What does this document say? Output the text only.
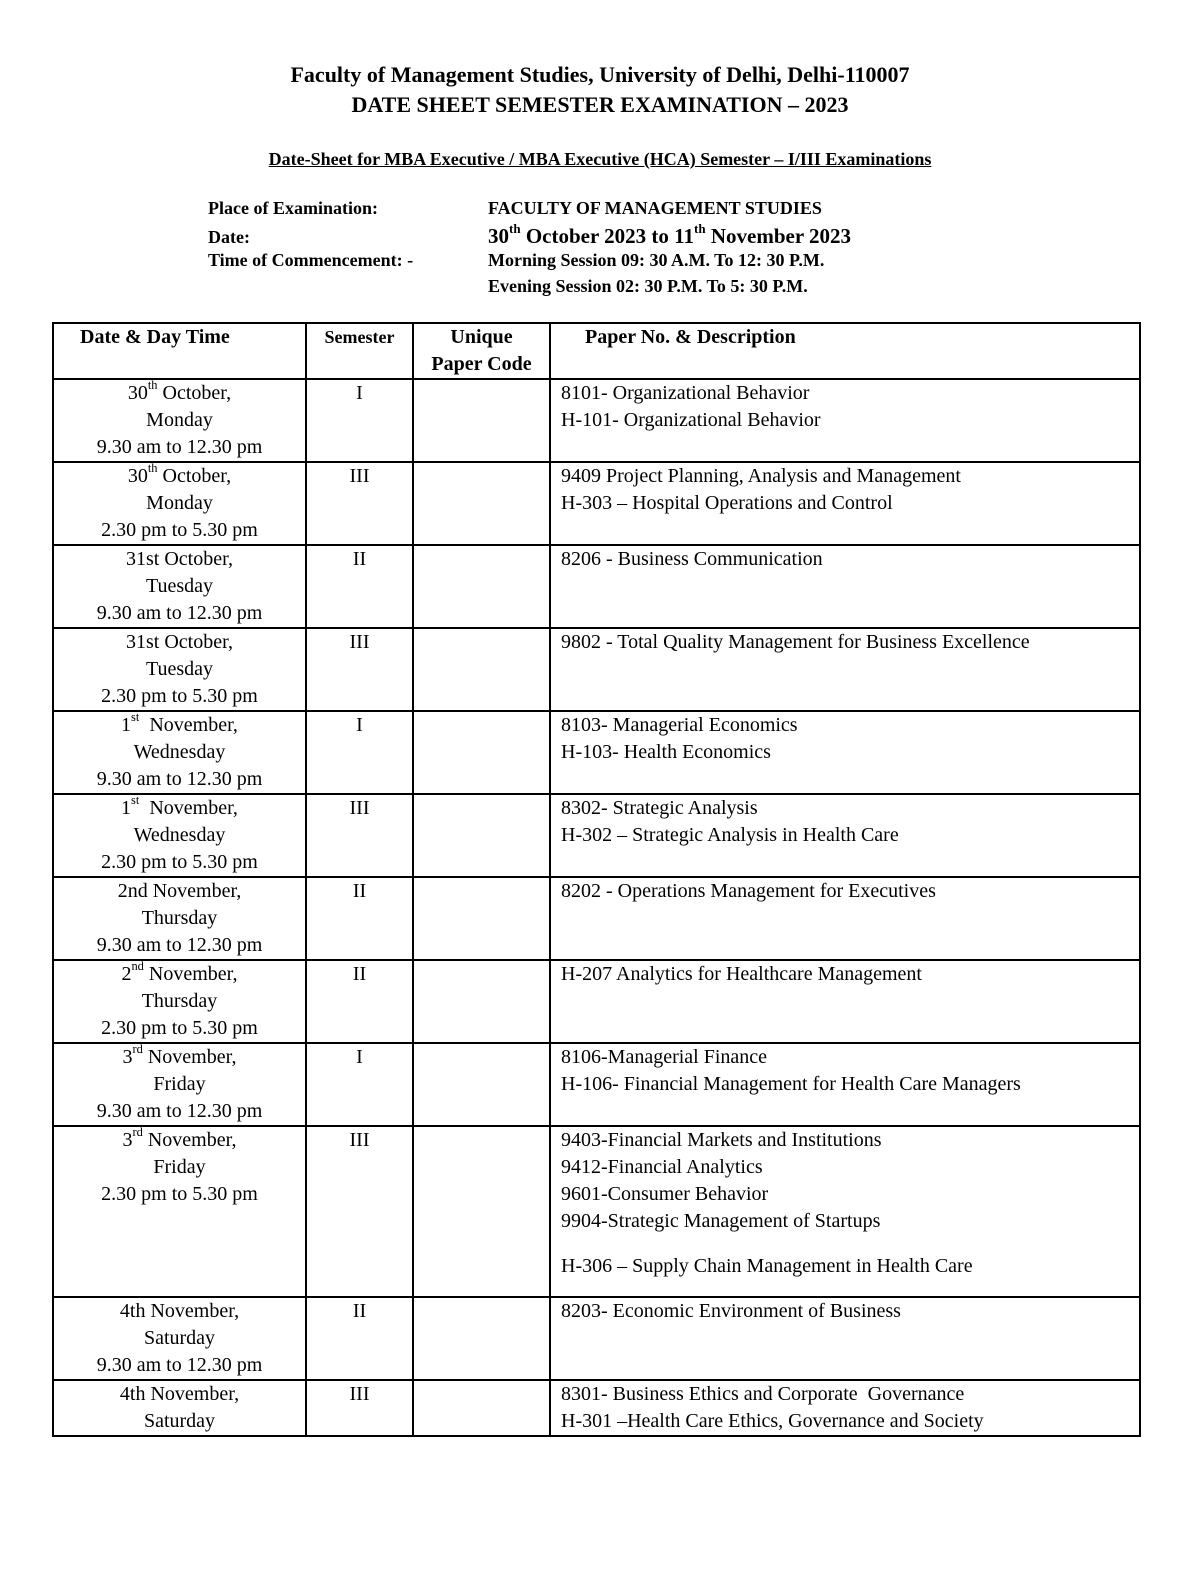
Faculty of Management Studies, University of Delhi, Delhi-110007
DATE SHEET SEMESTER EXAMINATION – 2023
Date-Sheet for MBA Executive / MBA Executive (HCA) Semester – I/III Examinations
Place of Examination:	FACULTY OF MANAGEMENT STUDIES
Date:	30th October 2023 to 11th November 2023
Time of Commencement: -	Morning Session 09: 30 A.M. To 12: 30 P.M.
Evening Session 02: 30 P.M. To 5: 30 P.M.
Date & Day Time	Semester	Unique
Paper Code	Paper No. & Description

30th October,
Monday
9.30 am to 12.30 pm	I		8101- Organizational Behavior
H-101- Organizational Behavior

30th October,
Monday
2.30 pm to 5.30 pm	III		9409 Project Planning, Analysis and Management
H-303 – Hospital Operations and Control

31st October,
Tuesday
9.30 am to 12.30 pm	II		8206 - Business Communication

31st October,
Tuesday
2.30 pm to 5.30 pm	III		9802 - Total Quality Management for Business Excellence

1st  November,
Wednesday
9.30 am to 12.30 pm	I		8103- Managerial Economics
H-103- Health Economics

1st  November,
Wednesday
2.30 pm to 5.30 pm	III		8302- Strategic Analysis
H-302 – Strategic Analysis in Health Care

2nd November,
Thursday
9.30 am to 12.30 pm	II		8202 - Operations Management for Executives

2nd November,
Thursday
2.30 pm to 5.30 pm	II		H-207 Analytics for Healthcare Management

3rd November,
Friday
9.30 am to 12.30 pm	I		8106-Managerial Finance
H-106- Financial Management for Health Care Managers

3rd November,
Friday
2.30 pm to 5.30 pm	III		9403-Financial Markets and Institutions
9412-Financial Analytics
9601-Consumer Behavior
9904-Strategic Management of Startups
H-306 – Supply Chain Management in Health Care

4th November,
Saturday
9.30 am to 12.30 pm	II		8203- Economic Environment of Business

4th November,
Saturday	III		8301- Business Ethics and Corporate  Governance
H-301 –Health Care Ethics, Governance and Society
